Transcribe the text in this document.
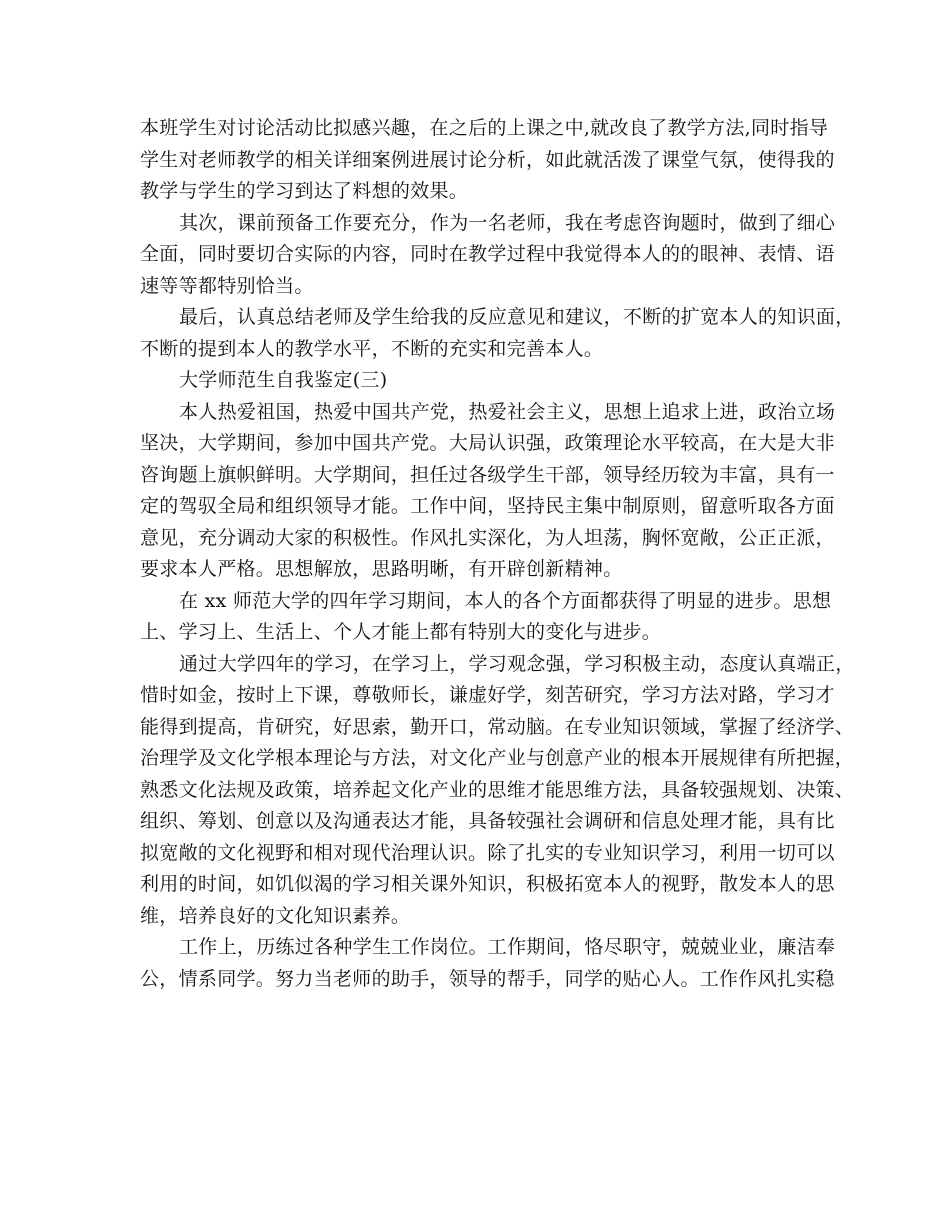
本班学生对讨论活动比拟感兴趣，在之后的上课之中,就改良了教学方法,同时指导
学生对老师教学的相关详细案例进展讨论分析，如此就活泼了课堂气氛，使得我的
教学与学生的学习到达了料想的效果。
其次，课前预备工作要充分，作为一名老师，我在考虑咨询题时，做到了细心
全面，同时要切合实际的内容，同时在教学过程中我觉得本人的的眼神、表情、语
速等等都特别恰当。
最后，认真总结老师及学生给我的反应意见和建议，不断的扩宽本人的知识面，
不断的提到本人的教学水平，不断的充实和完善本人。
大学师范生自我鉴定(三)
本人热爱祖国，热爱中国共产党，热爱社会主义，思想上追求上进，政治立场
坚决，大学期间，参加中国共产党。大局认识强，政策理论水平较高，在大是大非
咨询题上旗帜鲜明。大学期间，担任过各级学生干部，领导经历较为丰富，具有一
定的驾驭全局和组织领导才能。工作中间，坚持民主集中制原则，留意听取各方面
意见，充分调动大家的积极性。作风扎实深化，为人坦荡，胸怀宽敞，公正正派，
要求本人严格。思想解放，思路明晰，有开辟创新精神。
在 xx 师范大学的四年学习期间，本人的各个方面都获得了明显的进步。思想
上、学习上、生活上、个人才能上都有特别大的变化与进步。
通过大学四年的学习，在学习上，学习观念强，学习积极主动，态度认真端正，
惜时如金，按时上下课，尊敬师长，谦虚好学，刻苦研究，学习方法对路，学习才
能得到提高，肯研究，好思索，勤开口，常动脑。在专业知识领域，掌握了经济学、
治理学及文化学根本理论与方法，对文化产业与创意产业的根本开展规律有所把握，
熟悉文化法规及政策，培养起文化产业的思维才能思维方法，具备较强规划、决策、
组织、筹划、创意以及沟通表达才能，具备较强社会调研和信息处理才能，具有比
拟宽敞的文化视野和相对现代治理认识。除了扎实的专业知识学习，利用一切可以
利用的时间，如饥似渴的学习相关课外知识，积极拓宽本人的视野，散发本人的思
维，培养良好的文化知识素养。
工作上，历练过各种学生工作岗位。工作期间，恪尽职守，兢兢业业，廉洁奉
公，情系同学。努力当老师的助手，领导的帮手，同学的贴心人。工作作风扎实稳
